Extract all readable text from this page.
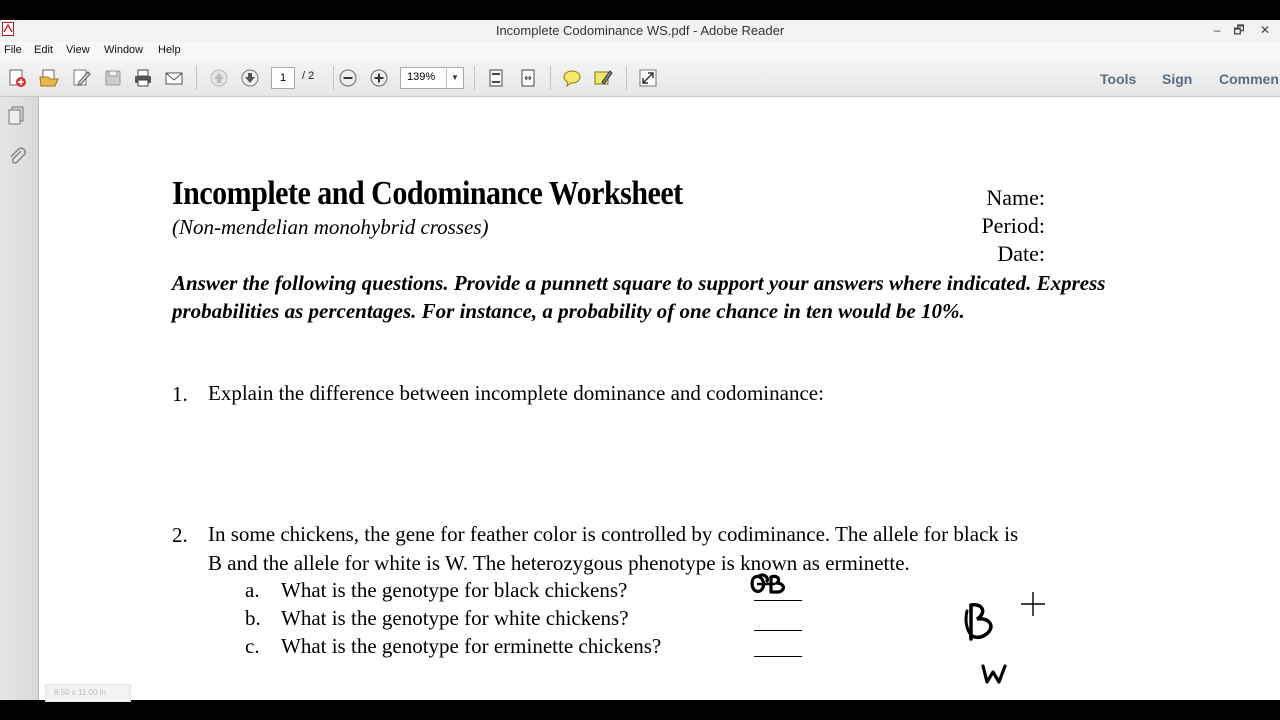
Incomplete Codominance WS.pdf - Adobe Reader	–	🗗	✕
File Edit View Window Help
1	/ 2	139%	▼	Tools Sign Commen
Incomplete and Codominance Worksheet
(Non-mendelian monohybrid crosses)
Name:
Period:
Date:
Answer the following questions. Provide a punnett square to support your answers where indicated. Express probabilities as percentages. For instance, a probability of one chance in ten would be 10%.
1. Explain the difference between incomplete dominance and codominance:
2. In some chickens, the gene for feather color is controlled by codiminance. The allele for black is
B and the allele for white is W. The heterozygous phenotype is known as erminette.
a. What is the genotype for black chickens?
b. What is the genotype for white chickens?
c. What is the genotype for erminette chickens?
8.50 x 11.00 in
